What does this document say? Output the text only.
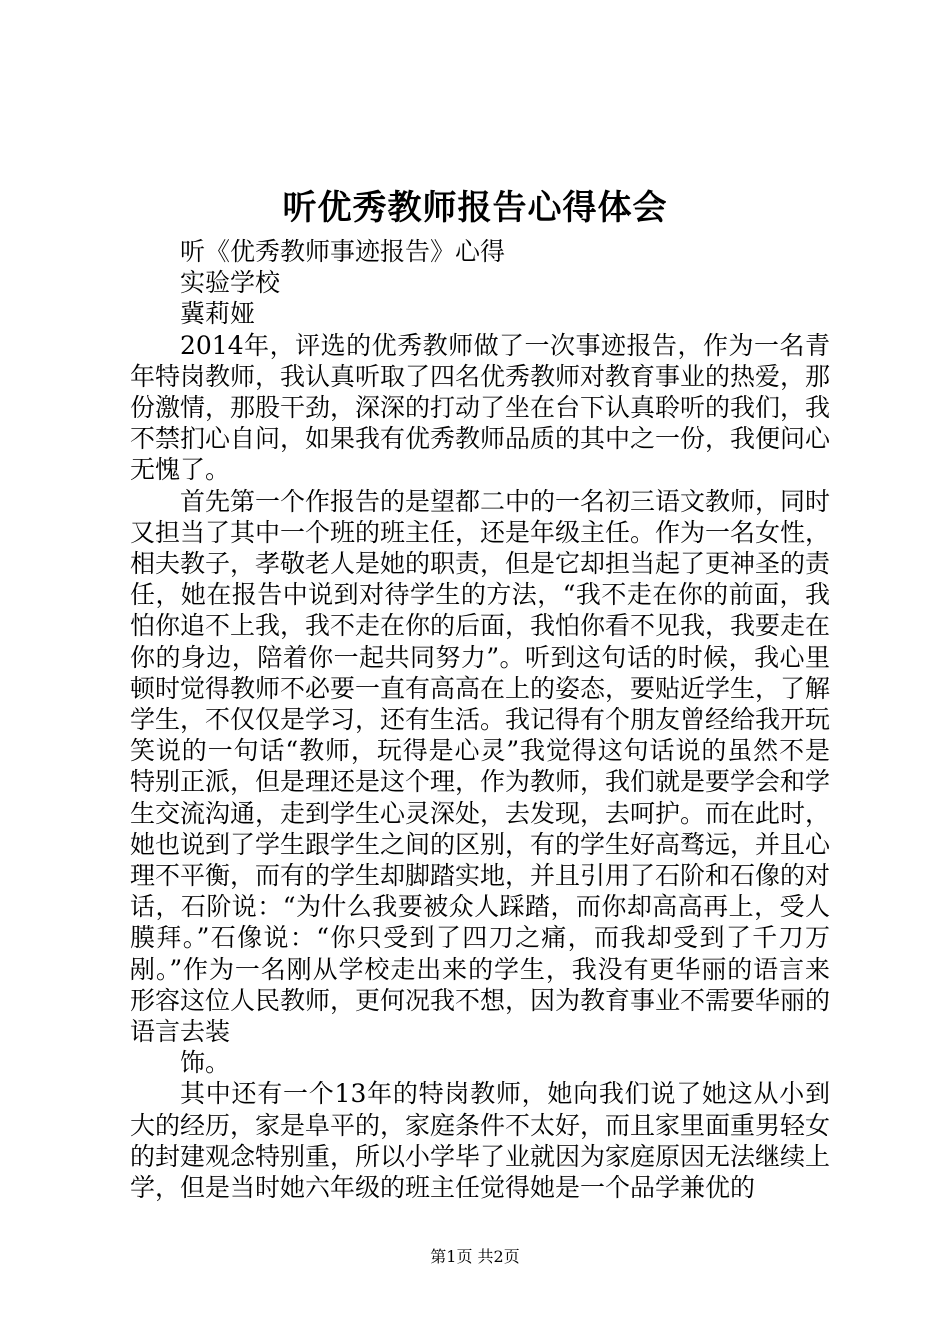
听优秀教师报告心得体会

听《优秀教师事迹报告》心得

实验学校

冀莉娅

2014年，评选的优秀教师做了一次事迹报告，作为一名青年特岗教师，我认真听取了四名优秀教师对教育事业的热爱，那份激情，那股干劲，深深的打动了坐在台下认真聆听的我们，我不禁扪心自问，如果我有优秀教师品质的其中之一份，我便问心无愧了。

首先第一个作报告的是望都二中的一名初三语文教师，同时又担当了其中一个班的班主任，还是年级主任。作为一名女性，相夫教子，孝敬老人是她的职责，但是它却担当起了更神圣的责任，她在报告中说到对待学生的方法，“我不走在你的前面，我怕你追不上我，我不走在你的后面，我怕你看不见我，我要走在你的身边，陪着你一起共同努力”。听到这句话的时候，我心里顿时觉得教师不必要一直有高高在上的姿态，要贴近学生，了解学生，不仅仅是学习，还有生活。我记得有个朋友曾经给我开玩笑说的一句话“教师，玩得是心灵”我觉得这句话说的虽然不是特别正派，但是理还是这个理，作为教师，我们就是要学会和学生交流沟通，走到学生心灵深处，去发现，去呵护。而在此时，她也说到了学生跟学生之间的区别，有的学生好高骛远，并且心理不平衡，而有的学生却脚踏实地，并且引用了石阶和石像的对话，石阶说：“为什么我要被众人踩踏，而你却高高再上，受人膜拜。”石像说：“你只受到了四刀之痛，而我却受到了千刀万剐。”作为一名刚从学校走出来的学生，我没有更华丽的语言来形容这位人民教师，更何况我不想，因为教育事业不需要华丽的语言去装

饰。

其中还有一个13年的特岗教师，她向我们说了她这从小到大的经历，家是阜平的，家庭条件不太好，而且家里面重男轻女的封建观念特别重，所以小学毕了业就因为家庭原因无法继续上学，但是当时她六年级的班主任觉得她是一个品学兼优的

第1页 共2页
